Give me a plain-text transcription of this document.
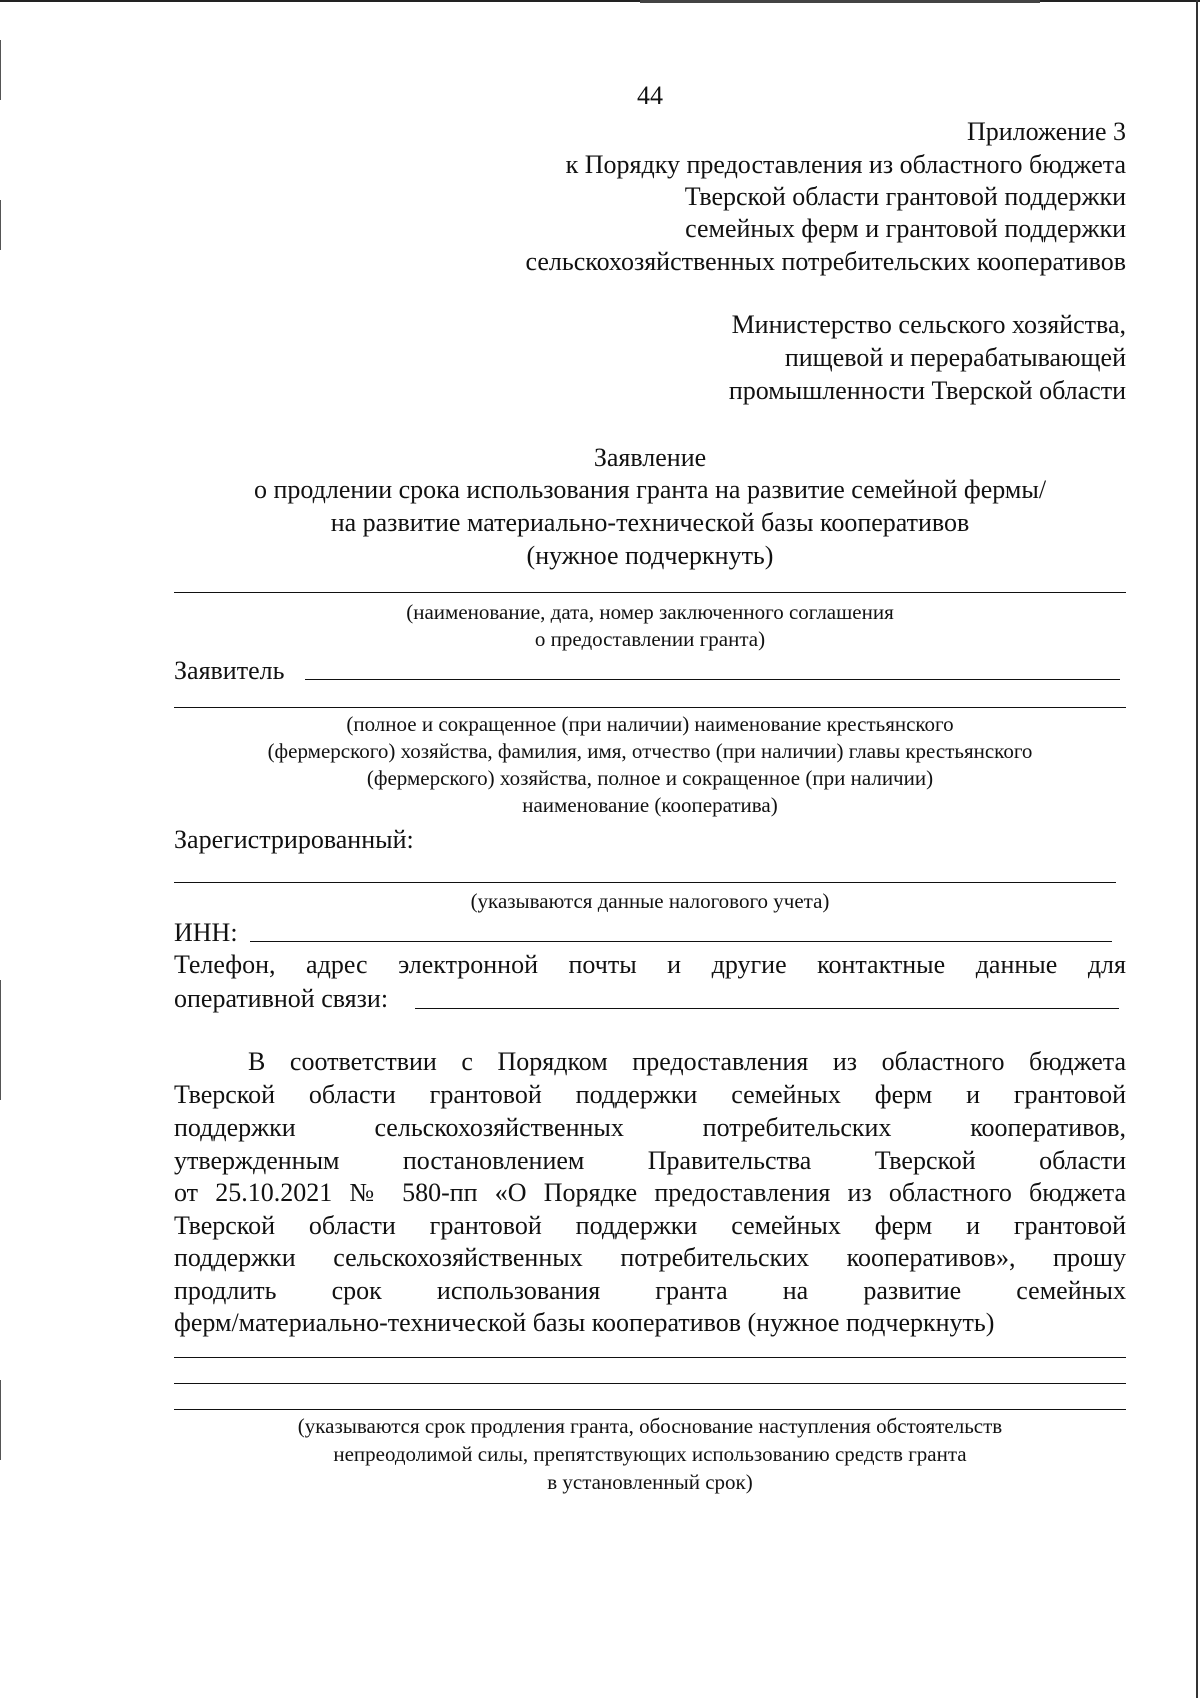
44
Приложение 3
к Порядку предоставления из областного бюджета
Тверской области грантовой поддержки
семейных ферм и грантовой поддержки
сельскохозяйственных потребительских кооперативов
Министерство сельского хозяйства,
пищевой и перерабатывающей
промышленности Тверской области
Заявление
о продлении срока использования гранта на развитие семейной фермы/
на развитие материально-технической базы кооперативов
(нужное подчеркнуть)
(наименование, дата, номер заключенного соглашения
о предоставлении гранта)
Заявитель
(полное и сокращенное (при наличии) наименование крестьянского
(фермерского) хозяйства, фамилия, имя, отчество (при наличии) главы крестьянского
(фермерского) хозяйства, полное и сокращенное (при наличии)
наименование (кооператива)
Зарегистрированный:
(указываются данные налогового учета)
ИНН:
Телефон, адрес электронной почты и другие контактные данные для
оперативной связи:
В соответствии с Порядком предоставления из областного бюджета
Тверской области грантовой поддержки семейных ферм и грантовой
поддержки сельскохозяйственных потребительских кооперативов,
утвержденным постановлением Правительства Тверской области
от 25.10.2021 № 580-пп «О Порядке предоставления из областного бюджета
Тверской области грантовой поддержки семейных ферм и грантовой
поддержки сельскохозяйственных потребительских кооперативов», прошу
продлить срок использования гранта на развитие семейных
ферм/материально-технической базы кооперативов (нужное подчеркнуть)
(указываются срок продления гранта, обоснование наступления обстоятельств
непреодолимой силы, препятствующих использованию средств гранта
в установленный срок)
